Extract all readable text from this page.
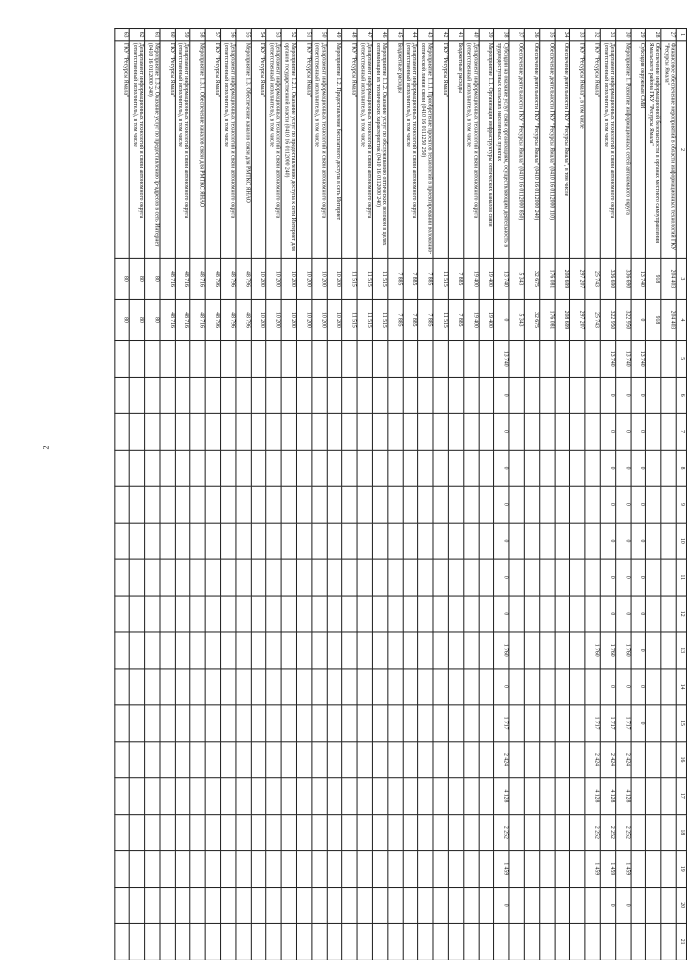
2
1	2	3	4	5	6	7	8	9	10	11	12	13	14	15	16	17	18	19	20	21
27	Финансовое обеспечение мероприятий в области информационных технологий ГКУ "Ресурсы Ямала"	204 403	204 403																	
28	Обеспечение информационной безопасности в органах местного самоуправления Ямальского района ГКУ "Ресурсы Ямала"	918	918																	
29	Субсидия окружным СМИ	13 740	0	13 740	0	0	0	0	0	0	0	0	0	0						
30	Мероприятие 1. Развитие информационных сетей автономного округа	336 690	322 950	13 740	0	0	0	0	0	0	0	1 760	0	1 717	2 424	4 128	2 252	1 459	0	
31	Департамент информационных технологий и связи автономного округа (ответственный исполнитель), в том числе	336 690	322 950	13 740	0	0	0	0	0	0	0	1 760	0	1 717	2 424	4 128	2 252	1 459	0	
32	ГКУ "Ресурсы Ямала"	25 743	25 743									1 760		1 717	2 424	4 128	2 252	1 459		
33	ГКУ "Ресурсы Ямала", в том числе	297 207	297 207																	
34	Обеспечение деятельности ГКУ "Ресурсы Ямала", в том числе	208 699	208 699																	
35	Обеспечение деятельности ГКУ "Ресурсы Ямала" (0410 16 0112000 110)	176 081	176 081																	
36	Обеспечение деятельности ГКУ "Ресурсы Ямала" (0410 16 0112000 240)	32 675	32 675																	
37	Обеспечение деятельности ГКУ "Ресурсы Ямала" (0410 16 0112000 850)	5 343	5 343																	
38	Субсидии на оказание услуг связи организациям, осуществляющим деятельность в труднодоступных сельских населенных пунктах	13 740	0	13 740	0	0	0	0	0	0	0	1 760	0	1 717	2 424	4 128	2 252	1 459	0	
39	Мероприятие 1.1. Организация инфраструктуры оптических каналов связи	19 400	19 400																	
40	Департамент информационных технологий и связи автономного округа (ответственный исполнитель), в том числе	19 400	19 400																	
41	Бюджетные расходы	7 885	7 885																	
42	ГКУ "Ресурсы Ямала"	11 515	11 515																	
43	Мероприятие 1.1.1. Приобретение проектов технологий в проектировании волоконно-оптической линии связи (0410 16 0111250 250)	7 885	7 885																	
44	Департамент информационных технологий и связи автономного округа (ответственный исполнитель), в том числе	7 885	7 885																	
45	Бюджетные расходы	7 885	7 885																	
46	Мероприятие 1.1.2. Оказание услуг по обслуживанию оптических волокон в целях оптимизации их технических характеристик (0410 16 0112000 240)	11 515	11 515																	
47	Департамент информационных технологий и связи автономного округа (ответственный исполнитель), в том числе	11 515	11 515																	
48	ГКУ "Ресурсы Ямала"	11 515	11 515																	
49	Мероприятие 1.2. Предоставление бесплатного доступа в сеть Интернет	10 200	10 200																	
50	Департамент информационных технологий и связи автономного округа (ответственный исполнитель), в том числе	10 200	10 200																	
51	ГКУ "Ресурсы Ямала"	10 200	10 200																	
52	Мероприятие 1.2.1. Оказание услуг по предоставлению доступа к сети Интернет для органов государственной власти (0410 16 0112000 240)	10 200	10 200																	
53	Департамент информационных технологий и связи автономного округа (ответственный исполнитель), в том числе	10 200	10 200																	
54	ГКУ "Ресурсы Ямала"	10 200	10 200																	
55	Мероприятие 1.3. Обеспечение каналов связи для РМТКС ЯНАО	48 796	48 796																	
56	Департамент информационных технологий и связи автономного округа (ответственный исполнитель), в том числе	48 796	48 796																	
57	ГКУ "Ресурсы Ямала"	48 796	48 796																	
58	Мероприятие 1.3.1. Обеспечение каналов связи для РМТКС ЯНАО	48 716	48 716																	
59	Департамент информационных технологий и связи автономного округа (ответственный исполнитель), в том числе	48 716	48 716																	
60	ГКУ "Ресурсы Ямала"	48 716	48 716																	
61	Мероприятие 1.3.2. Оказание услуг по предоставлению ip-адресов в сеть Интернет (0410 16 0112000 240)	80	80																	
62	Департамент информационных технологий и связи автономного округа (ответственный исполнитель), в том числе	80	80																	
63	ГКУ "Ресурсы Ямала"	80	80																	
